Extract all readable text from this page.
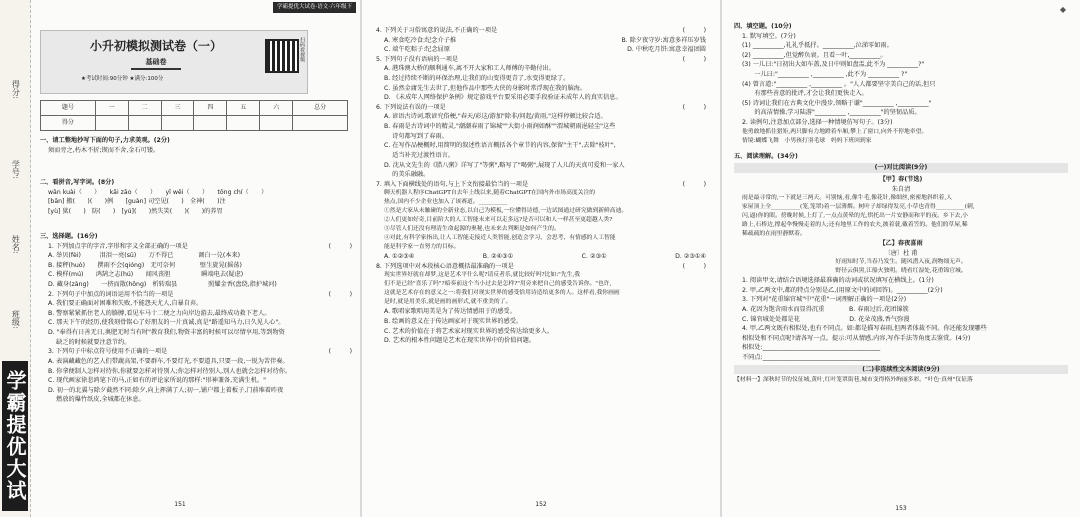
得分:
学号:
姓名:
班级:
学霸提优大试
学霸提优大试卷·语文·六年级下
小升初模拟测试卷（一）
基础卷
★考试时间:90分钟 ★满分:100分
扫码看视频
题号	一	二	三	四	五	六	总分
得分							
一、请工整地抄写下面的句子,力求美观。(2分)
须而旁之,朽木不折;锲而不舍,金石可镂。
二、看拼音,写字词。(8分)
wān kuài（　　）　　kǎi zāo（　　）　　yǐ wěi（　　）　　tǒng chí（　　）
[bān] 搬(　　)(　　)例　　[guàn] 司空见(　　)　全神(　　)注
[yù] 狱(　　)　防(　　)　[yú](　　)然失笑(　　)(　　)的养胃
三、选择题。(16分)
1. 下列加点字的字音,字形和字义全部正确的一项是	(　　　)
A. 举贝(fèi)　　　泪泪一亮(sū)　　万不得已　　　　调白一兑(本来)
B. 接秤(huò)　　撰雨不会(qióng)　无可奈何　　　　壁生旋晃(摇荡)
C. 模样(mú)　　鸿鹄之志(hú)　　闻风丧胆　　　　　瞬端电去(疑虑)
D. 藏身(zàng)　　一挤而散(hōng)　析转瑞昙　　　　　照耀金香(盘绕,指护城河)
2. 下列句子中加点的词语运用不恰当的一项是	(　　　)
A. 我们要正确面对困难和失败,不能怨天尤人,自暴自弃。
B. 警察紧紧抓住老人的胳膊,看见车马十二便之力向岸边游去,最终成功救下老人。
C. 那天下午的经历,使我刻骨铭心了好朋友的一片真诚,真是"路遥知马力,日久见人心"。
D. "奉得有日善无日,奥肥无时当有时"教育我们,物资丰富的时候可以尽情享用,等到物资
　 缺乏的时候就要注意节约。
3. 下列句子中标点符号使用不正确的一项是	(　　　)
A. 表演藏藏色的艺人们带蔬高架,不要群车,不要灯光,不要道具,只要一段,一锐为苦伴奏。
B. 你拿便制人怎样对待你,你就要怎样对待别人;你怎样对待别人,别人也就会怎样对待你。
C. 现代画家徐悲鸿笔下的马,正如有的评论家所说的那样:"形神兼备,充满生机。"
D. 初一的北翼与除夕截然不同:除夕,向上挥满了人;初一,铺户都上着板子,门前堆着昨夜
　 燃放的爆竹纸皮,全城都在休息。
151
4. 下列关于习俗寓意的说法,不正确的一项是	(　　　)
A. 寒食吃冷食:纪念介子推	B. 除夕夜守岁:寓意多祥压岁钱
C. 端午吃粽子:纪念屈原	D. 中秋吃月饼:寓意幸福团圆
5. 下列句子没有语病的一项是	(　　　)
A. 港珠澳大桥的顺利通车,离不开大家和工人师傅的辛勤付出。
B. 经过持续不断的环保治理,让我们的山变得更青了,水变得更绿了。
C. 虽然金庸先生去世了,但他作品中那些大侠的身影时常浮现在我的脑海。
D. 《未成年人网络保护条例》规定游戏平台要采用必要手段验证未成年人的真实信息。
6. 下列说法有误的一项是	(　　　)
A. 谚语古诗词,歌谚究俗梗,"春天/彩这/游加"除非/问起/黄雨,"这样停顿比较合适。
B. 春雨是古诗词中的精灵,"潮潮春雨了锦城""大街小雨润如酥""渭城朝雨浥轻尘"这些
　 诗句都写到了春雨。
C. 在写作品梗概时,用简明的叙述性语言概括各个章节的内容,保留"主干",去除"枝叶",
　 适当补充过渡性语言。
D. 沈从文先生的《腊八粥》详写了"等粥",略写了"喝粥",展现了人儿的天真可爱和一家人
　 的美乐融融。
7. 填入下面横线处的语句,与上下文衔接最恰当的一项是	(　　　)
聊天机器人程序ChatGPT自去年上线以来,随着ChatGPT在国内外市场高度关注的
热点,国内不少企业也加入了该赛道。__________
①然是大家从未触碰的全新业态,以自己为模板,一位懂得诗德,一边试图通过研究做到新鲜高迪。
②人们更如好奇,目前阶大的人工智能未来可以走多远?是否可以和人一样甚至更超越人类?
③尽管人们还没有理清生命起源的奥秘,也未来去判断是如何产生的。
④对此,有科学家指出,让人工智能走接近人类智能,创造会学习、会思考、有情感的人工智能
能是科学家一直努力的目标。
A. ①②③④	B. ②④③①	C. ②③①	D. ②③①④
8. 下列选项中对本段核心语意概括最准确的一项是	(　　　)
现实世界好就在却梦,这是艺术平什么呢?请反者乐,就比较好吗?比如:"先生,我
们不是已经"喜乐了吗"?暗奏前这个当小过去是怎样?"用旁来把自己的感受告诉你。"也许,
这就是艺术存在的意义之一:将我们对现实世界的感受恰用诗造给更多的人。这样看,我你画画
是时,就是用美乐,就是画的画形式,就不重美的了。
A. 歌唱家歌唱用美是为了传达情感用于的感受。
B. 绘画的意义在于传达画家对于现实世界的感受。
C. 艺术的价值在于将艺术家对现实世界的感受传达给更多人。
D. 艺术的根本性问题是艺术在现实世界中的价值问题。
152
◆
四、填空题。(10分)
1. 默写填空。(7分)
(1) __________,礼礼乎抵抒。__________,泣涕零如雨。
(2) __________,但觉醉负衰。且看一叶,__________。
(3) 一儿曰:"日初出大如车盖,及日中则如盘盂,此不为 __________?"
　　一儿曰:"__________ ,__________ ,此不为 __________ ?"
(4) 曾言道:"__________ ,__________ 。"人人都要坚守美自己的话,但只
　　有那些善意的批评,才会让我们更快走入。
(5) 诗词让我们在古典文化中漫步,领略于谦"__________ ,__________"
　　的高洁情操,学习陆游"__________ ,__________"的坚韧品质。
2. 读例句,注意加点部分,选择一种情境仿写句子。(3分)
他勇敢地抓住猎矩,两只脚有力地蹬着车厢,攀上了窗口,向外不停地牵望。
情境:蝴蝶飞舞　小男孩打羽毛球　妈妈下班回到家
五、阅读理解。(34分)
(一)对比阅读(9分)
【甲】春(节选)
朱自清
雨是最寻常的,一下就是三两天。可别恼,看,像牛毛,像花针,像细丝,密密地斜织着,人
家屋顶上全__________(笼,笼罩)着一层薄烟。树叶子却绿得发亮,小草也青得__________(刺,
闪,逼)你的眼。傍晚时候,上灯了,一点点黄晕的光,烘托出一片安静而和平的夜。乡下去,小
路上,石桥边,撑起伞慢慢走着的人;还有地里工作的农夫,披着蓑,戴着笠的。他们的草屋,稀
稀疏疏的在雨里静默着。
【乙】春夜喜雨
〔唐〕杜 甫
好雨知时节,当春乃发生。随风潜入夜,润物细无声。
野径云俱黑,江船火独明。晓看红湿处,花重锦官城。
1. 阅读甲文,请结合语境选择最准确的动词或状况填写在横线上。(1分)
2. 甲,乙两文中,都的特点分别是乙,(用原文中的词回答)。__________(2分)
3. 下列对"花重锦官城"中"花重"一词理解正确的一项是(2分)
A. 花因为饱含雨水而显得沉重　　　　B. 春雨过后,花团锦簇
C. 锦官城处处都是花　　　　　　　　D. 花朵茂盛,香气弥漫
4. 甲,乙两文既有相似处,也有不同点。如:都是描写春雨,但两者体裁不同。你还能发现哪些
相似处和不同点呢?请各写一点。提示:可从情感,内容,写作手法等角度去鉴赏。(4分)
相似处:______________________________________
不同点:______________________________________
(二)非连续性文本阅读(9分)
【材料一】深秋时节的仪征城,黄叶,红叶笼罩街巷,城市变得格外绚丽多彩。"叶色·真州"仪征落
153
